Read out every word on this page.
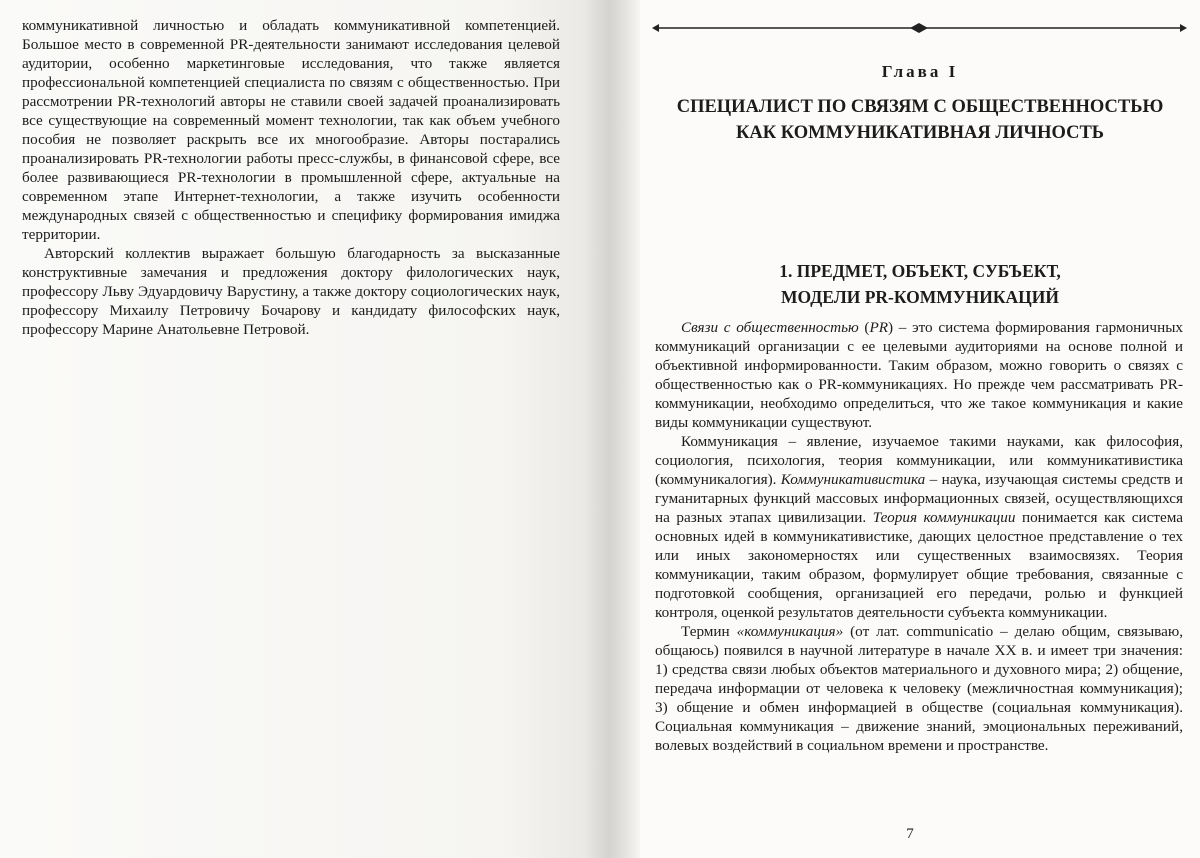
коммуникативной личностью и обладать коммуникативной компетенцией. Большое место в современной PR-деятельности занимают исследования целевой аудитории, особенно маркетинговые исследования, что также является профессиональной компетенцией специалиста по связям с общественностью. При рассмотрении PR-технологий авторы не ставили своей задачей проанализировать все существующие на современный момент технологии, так как объем учебного пособия не позволяет раскрыть все их многообразие. Авторы постарались проанализировать PR-технологии работы пресс-службы, в финансовой сфере, все более развивающиеся PR-технологии в промышленной сфере, актуальные на современном этапе Интернет-технологии, а также изучить особенности международных связей с общественностью и специфику формирования имиджа территории.

Авторский коллектив выражает большую благодарность за высказанные конструктивные замечания и предложения доктору филологических наук, профессору Льву Эдуардовичу Варустину, а также доктору социологических наук, профессору Михаилу Петровичу Бочарову и кандидату философских наук, профессору Марине Анатольевне Петровой.

Глава I
СПЕЦИАЛИСТ ПО СВЯЗЯМ С ОБЩЕСТВЕННОСТЬЮ
КАК КОММУНИКАТИВНАЯ ЛИЧНОСТЬ
1. ПРЕДМЕТ, ОБЪЕКТ, СУБЪЕКТ,
МОДЕЛИ PR-КОММУНИКАЦИЙ

Связи с общественностью (PR) – это система формирования гармоничных коммуникаций организации с ее целевыми аудиториями на основе полной и объективной информированности. Таким образом, можно говорить о связях с общественностью как о PR-коммуникациях. Но прежде чем рассматривать PR-коммуникации, необходимо определиться, что же такое коммуникация и какие виды коммуникации существуют.

Коммуникация – явление, изучаемое такими науками, как философия, социология, психология, теория коммуникации, или коммуникативистика (коммуникалогия). Коммуникативистика – наука, изучающая системы средств и гуманитарных функций массовых информационных связей, осуществляющихся на разных этапах цивилизации. Теория коммуникации понимается как система основных идей в коммуникативистике, дающих целостное представление о тех или иных закономерностях или существенных взаимосвязях. Теория коммуникации, таким образом, формулирует общие требования, связанные с подготовкой сообщения, организацией его передачи, ролью и функцией контроля, оценкой результатов деятельности субъекта коммуникации.

Термин «коммуникация» (от лат. communicatio – делаю общим, связываю, общаюсь) появился в научной литературе в начале XX в. и имеет три значения: 1) средства связи любых объектов материального и духовного мира; 2) общение, передача информации от человека к человеку (межличностная коммуникация); 3) общение и обмен информацией в обществе (социальная коммуникация). Социальная коммуникация – движение знаний, эмоциональных переживаний, волевых воздействий в социальном времени и пространстве.

7
